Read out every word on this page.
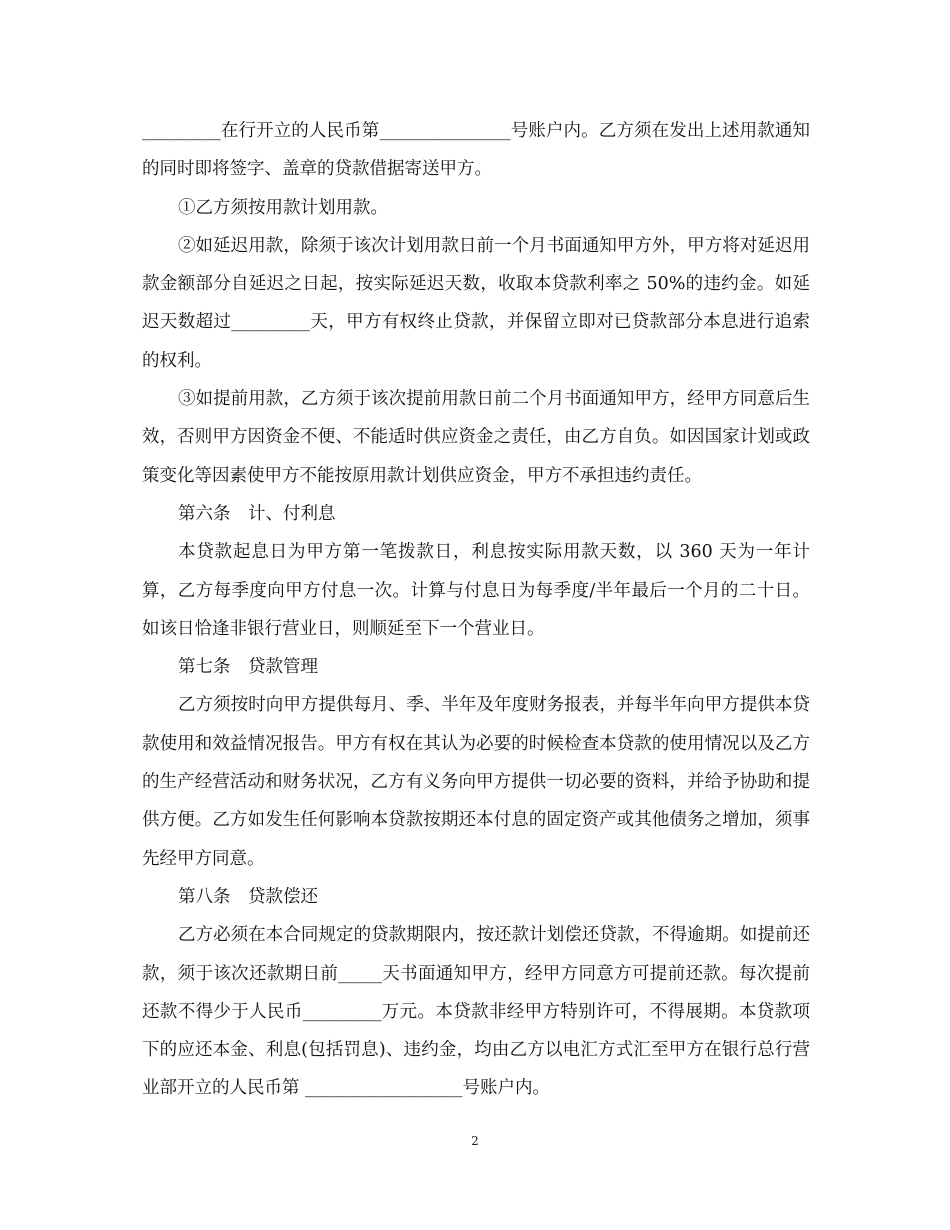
_________在行开立的人民币第_______________号账户内。乙方须在发出上述用款通知的同时即将签字、盖章的贷款借据寄送甲方。

①乙方须按用款计划用款。

②如延迟用款，除须于该次计划用款日前一个月书面通知甲方外，甲方将对延迟用款金额部分自延迟之日起，按实际延迟天数，收取本贷款利率之 50%的违约金。如延迟天数超过_________天，甲方有权终止贷款，并保留立即对已贷款部分本息进行追索的权利。

③如提前用款，乙方须于该次提前用款日前二个月书面通知甲方，经甲方同意后生效，否则甲方因资金不便、不能适时供应资金之责任，由乙方自负。如因国家计划或政策变化等因素使甲方不能按原用款计划供应资金，甲方不承担违约责任。

第六条　计、付利息

本贷款起息日为甲方第一笔拨款日，利息按实际用款天数，以 360 天为一年计算，乙方每季度向甲方付息一次。计算与付息日为每季度/半年最后一个月的二十日。如该日恰逢非银行营业日，则顺延至下一个营业日。

第七条　贷款管理

乙方须按时向甲方提供每月、季、半年及年度财务报表，并每半年向甲方提供本贷款使用和效益情况报告。甲方有权在其认为必要的时候检查本贷款的使用情况以及乙方的生产经营活动和财务状况，乙方有义务向甲方提供一切必要的资料，并给予协助和提供方便。乙方如发生任何影响本贷款按期还本付息的固定资产或其他债务之增加，须事先经甲方同意。

第八条　贷款偿还

乙方必须在本合同规定的贷款期限内，按还款计划偿还贷款，不得逾期。如提前还款，须于该次还款期日前_____天书面通知甲方，经甲方同意方可提前还款。每次提前还款不得少于人民币_________万元。本贷款非经甲方特别许可，不得展期。本贷款项下的应还本金、利息(包括罚息)、违约金，均由乙方以电汇方式汇至甲方在银行总行营业部开立的人民币第 __________________号账户内。

2
